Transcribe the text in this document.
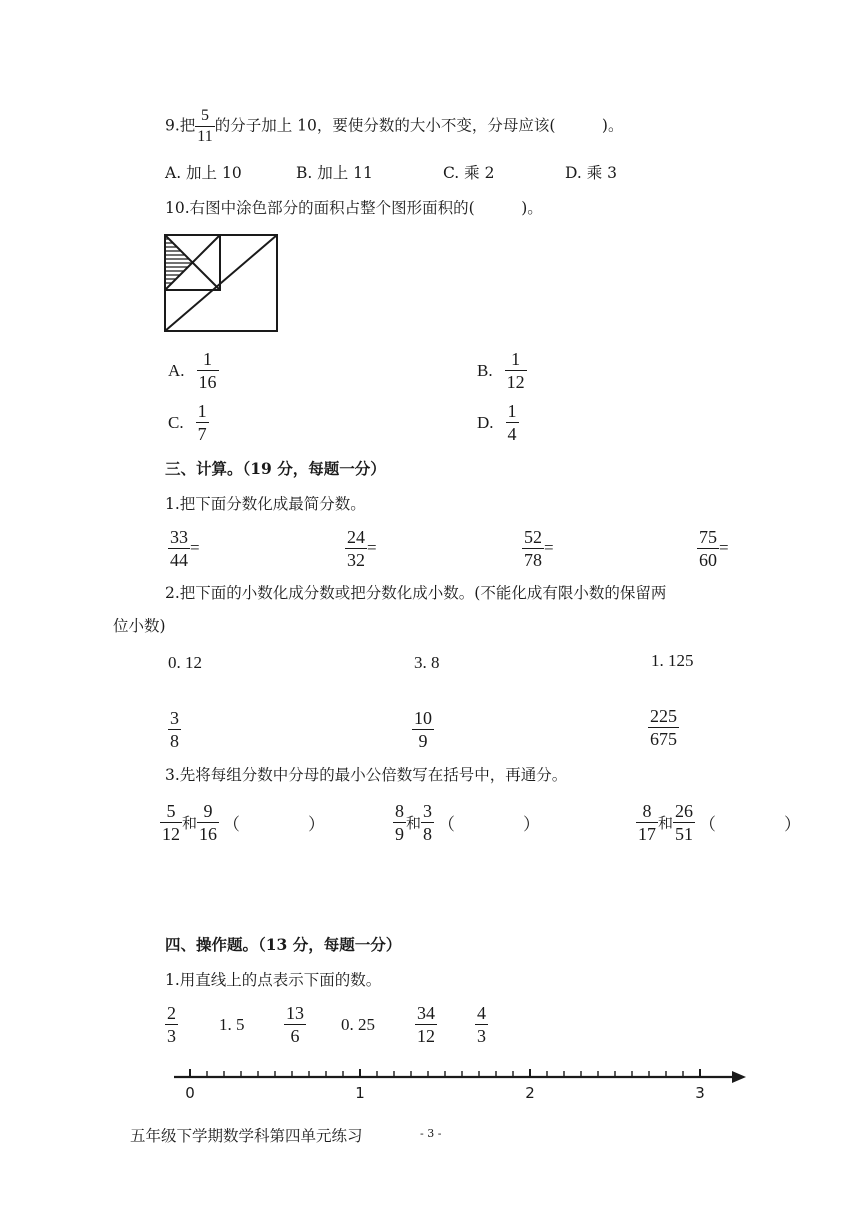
9.把 $\frac{5}{11}$ 的分子加上 10，要使分数的大小不变，分母应该(　　　)。
A. 加上 10	B. 加上 11	C. 乘 2	D. 乘 3
10.右图中涂色部分的面积占整个图形面积的(　　　)。
A. $\frac{1}{16}$	B. $\frac{1}{12}$
C. $\frac{1}{7}$	D. $\frac{1}{4}$
三、计算。（19 分，每题一分）
1.把下面分数化成最简分数。
$\frac{33}{44}$ =	$\frac{24}{32}$ =	$\frac{52}{78}$ =	$\frac{75}{60}$ =
2.把下面的小数化成分数或把分数化成小数。(不能化成有限小数的保留两
位小数)
0. 12	3. 8	1. 125
$\frac{3}{8}$	$\frac{10}{9}$	$\frac{225}{675}$
3.先将每组分数中分母的最小公倍数写在括号中，再通分。
$\frac{5}{12}$ 和 $\frac{9}{16}$ （　　　　）	$\frac{8}{9}$ 和 $\frac{3}{8}$ （　　　　）	$\frac{8}{17}$ 和 $\frac{26}{51}$ （　　　　）
四、操作题。（13 分，每题一分）
1.用直线上的点表示下面的数。
$\frac{2}{3} 1$. $5 \frac{13}{6} 0$. $25 \frac{34}{12} \frac{4}{3}$
0	1	2	3
五年级下学期数学科第四单元练习	- 3 -
